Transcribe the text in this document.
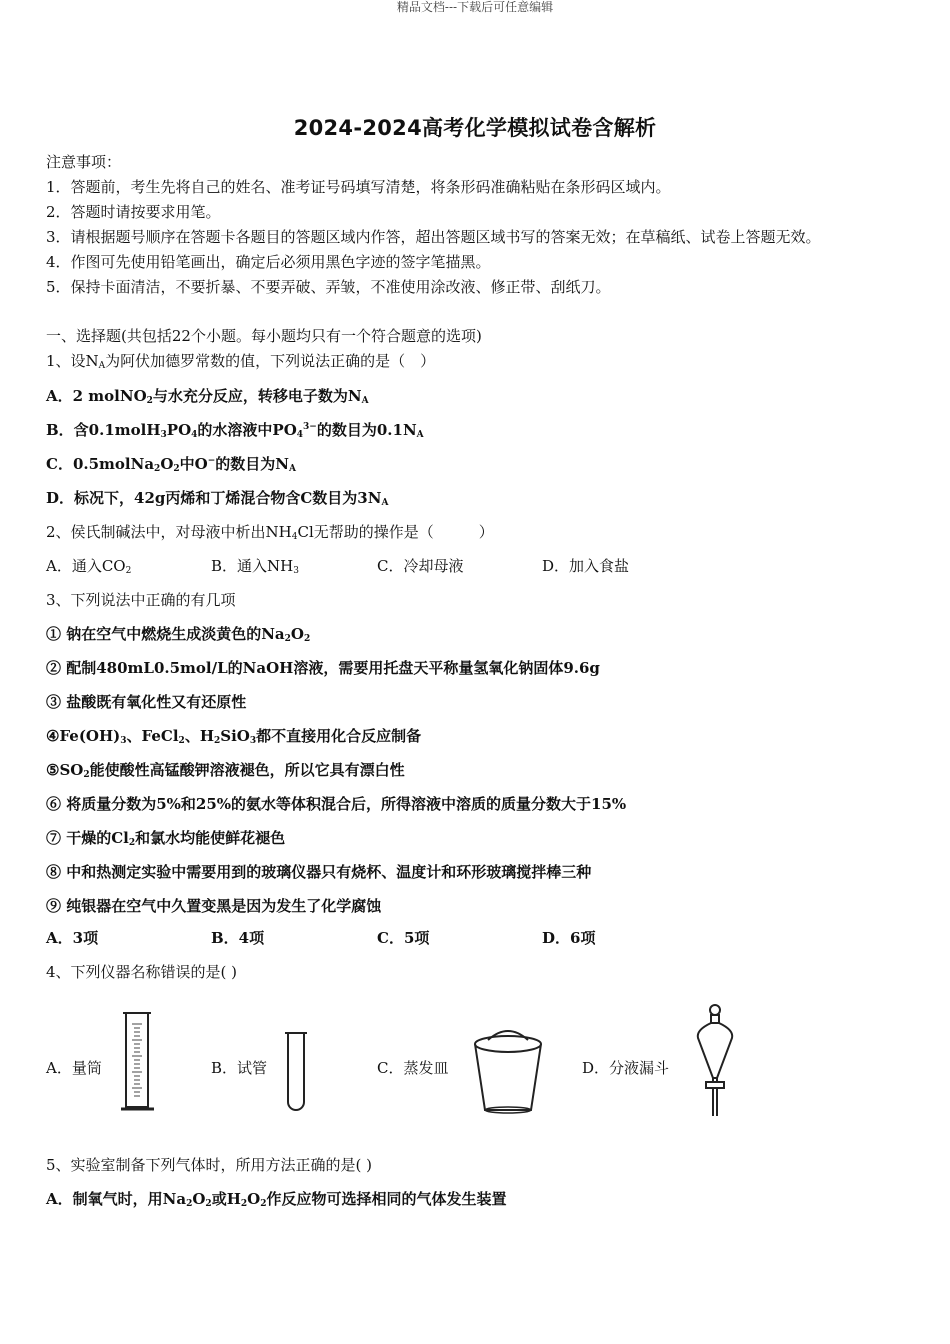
精品文档---下载后可任意编辑
2024-2024高考化学模拟试卷含解析
注意事项：
1．答题前，考生先将自己的姓名、准考证号码填写清楚，将条形码准确粘贴在条形码区域内。
2．答题时请按要求用笔。
3．请根据题号顺序在答题卡各题目的答题区域内作答，超出答题区域书写的答案无效；在草稿纸、试卷上答题无效。
4．作图可先使用铅笔画出，确定后必须用黑色字迹的签字笔描黑。
5．保持卡面清洁，不要折暴、不要弄破、弄皱，不准使用涂改液、修正带、刮纸刀。
一、选择题(共包括22个小题。每小题均只有一个符合题意的选项)
1、设$N_A$为阿伏加德罗常数的值，下列说法正确的是（　）
A．2 molNO$_2$与水充分反应，转移电子数为$N_A$
B．含$0.1molH_3PO_4$的水溶液中$PO_4^{3-}$的数目为$0.1N_A$
C．$0.5molNa_2O_2$中O−的数目为$N_A$
D．标况下，42g丙烯和丁烯混合物含C数目为$3N_A$
2、侯氏制碱法中，对母液中析出$NH_4Cl$无帮助的操作是（　　　）
A．通入$CO_2$	B．通入$NH_3$	C．冷却母液	D．加入食盐
3、下列说法中正确的有几项
① 钠在空气中燃烧生成淡黄色的$Na_2O_2$
② 配制480mL0.5mol/L的NaOH溶液，需要用托盘天平称量氢氧化钠固体9.6g
③ 盐酸既有氧化性又有还原性
$④Fe(OH)_3$、FeCl$_2$、$H_2SiO_3$都不直接用化合反应制备
$⑤SO_2$能使酸性高锰酸钾溶液褪色，所以它具有漂白性
⑥ 将质量分数为5%和25%的氨水等体积混合后，所得溶液中溶质的质量分数大于15%
⑦ 干燥的$Cl_2$和氯水均能使鲜花褪色
⑧ 中和热测定实验中需要用到的玻璃仪器只有烧杯、温度计和环形玻璃搅拌棒三种
⑨ 纯银器在空气中久置变黑是因为发生了化学腐蚀
A．3项	B．4项	C．5项	D．6项
4、下列仪器名称错误的是( )
A．量筒	B．试管	C．蒸发皿	D．分液漏斗
5、实验室制备下列气体时，所用方法正确的是( )
A．制氧气时，用$Na_2O_2$或$H_2O_2$作反应物可选择相同的气体发生装置
